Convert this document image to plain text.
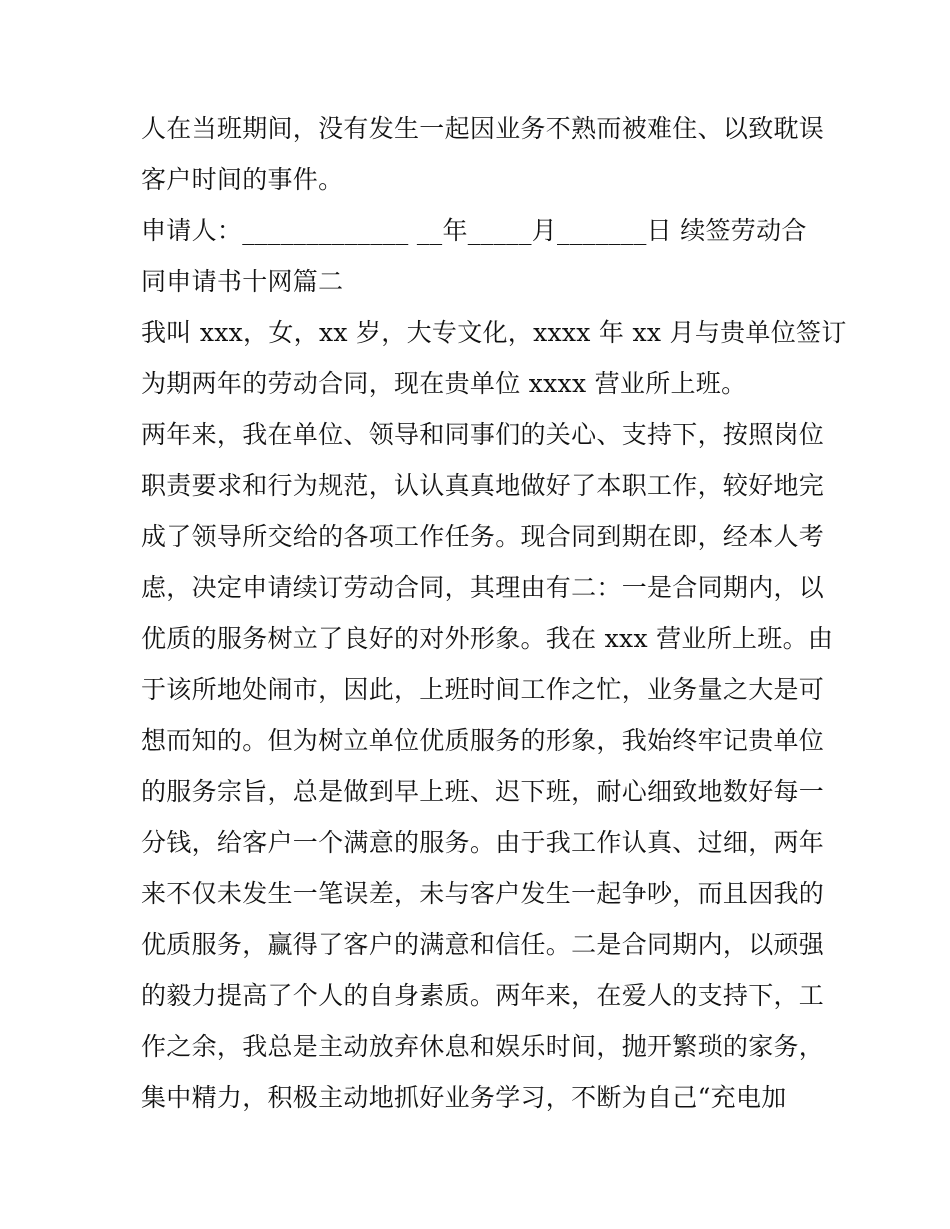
人在当班期间，没有发生一起因业务不熟而被难住、以致耽误
客户时间的事件。
申请人：_____________ __年_____月_______日 续签劳动合
同申请书十网篇二
我叫 xxx，女，xx 岁，大专文化，xxxx 年 xx 月与贵单位签订
为期两年的劳动合同，现在贵单位 xxxx 营业所上班。
两年来，我在单位、领导和同事们的关心、支持下，按照岗位
职责要求和行为规范，认认真真地做好了本职工作，较好地完
成了领导所交给的各项工作任务。现合同到期在即，经本人考
虑，决定申请续订劳动合同，其理由有二：一是合同期内，以
优质的服务树立了良好的对外形象。我在 xxx 营业所上班。由
于该所地处闹市，因此，上班时间工作之忙，业务量之大是可
想而知的。但为树立单位优质服务的形象，我始终牢记贵单位
的服务宗旨，总是做到早上班、迟下班，耐心细致地数好每一
分钱，给客户一个满意的服务。由于我工作认真、过细，两年
来不仅未发生一笔误差，未与客户发生一起争吵，而且因我的
优质服务，赢得了客户的满意和信任。二是合同期内，以顽强
的毅力提高了个人的自身素质。两年来，在爱人的支持下，工
作之余，我总是主动放弃休息和娱乐时间，抛开繁琐的家务，
集中精力，积极主动地抓好业务学习，不断为自己“充电加
